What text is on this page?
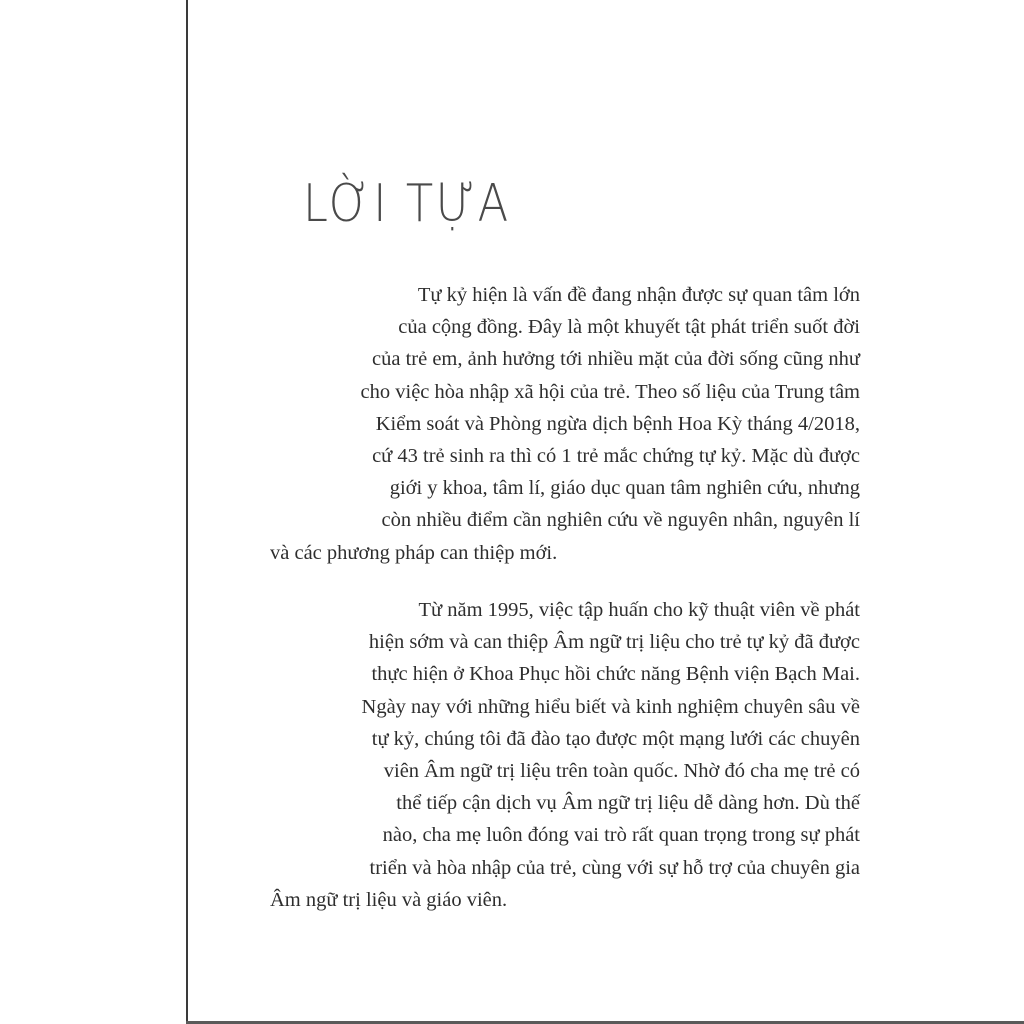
LỜI TỰA

Tự kỷ hiện là vấn đề đang nhận được sự quan tâm lớn
của cộng đồng. Đây là một khuyết tật phát triển suốt đời
của trẻ em, ảnh hưởng tới nhiều mặt của đời sống cũng như
cho việc hòa nhập xã hội của trẻ. Theo số liệu của Trung tâm
Kiểm soát và Phòng ngừa dịch bệnh Hoa Kỳ tháng 4/2018,
cứ 43 trẻ sinh ra thì có 1 trẻ mắc chứng tự kỷ. Mặc dù được
giới y khoa, tâm lí, giáo dục quan tâm nghiên cứu, nhưng
còn nhiều điểm cần nghiên cứu về nguyên nhân, nguyên lí
và các phương pháp can thiệp mới.

Từ năm 1995, việc tập huấn cho kỹ thuật viên về phát
hiện sớm và can thiệp Âm ngữ trị liệu cho trẻ tự kỷ đã được
thực hiện ở Khoa Phục hồi chức năng Bệnh viện Bạch Mai.
Ngày nay với những hiểu biết và kinh nghiệm chuyên sâu về
tự kỷ, chúng tôi đã đào tạo được một mạng lưới các chuyên
viên Âm ngữ trị liệu trên toàn quốc. Nhờ đó cha mẹ trẻ có
thể tiếp cận dịch vụ Âm ngữ trị liệu dễ dàng hơn. Dù thế
nào, cha mẹ luôn đóng vai trò rất quan trọng trong sự phát
triển và hòa nhập của trẻ, cùng với sự hỗ trợ của chuyên gia
Âm ngữ trị liệu và giáo viên.
